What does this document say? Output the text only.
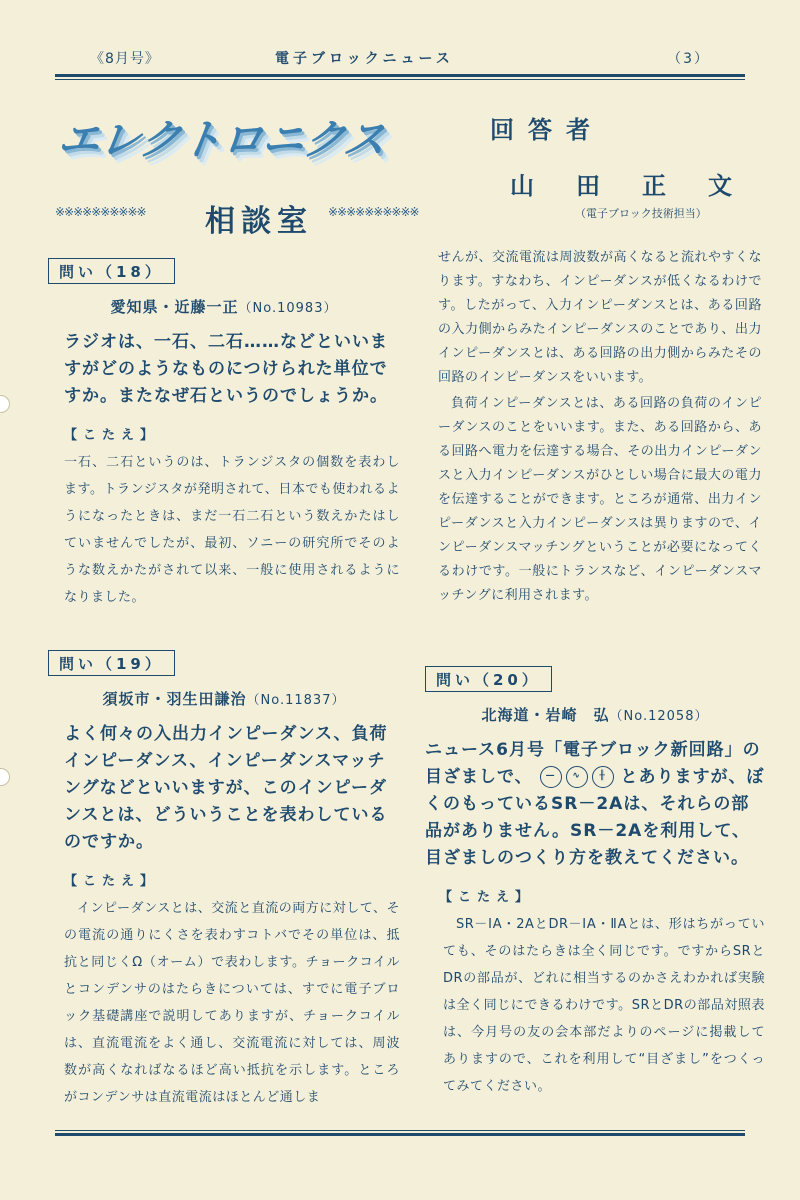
《8月号》	電子ブロックニュース	（3）
エレクトロニクス
※※※※※※※※※※	相談室 ※※※※※※※※※※
回答者
山田正文
（電子ブロック技術担当）
問い（18）
愛知県・近藤一正（No.10983）
ラジオは、一石、二石……などといいますがどのようなものにつけられた単位ですか。またなぜ石というのでしょうか。
【こたえ】
一石、二石というのは、トランジスタの個数を表わします。トランジスタが発明されて、日本でも使われるようになったときは、まだ一石二石という数えかたはしていませんでしたが、最初、ソニーの研究所でそのような数えかたがされて以来、一般に使用されるようになりました。
問い（19）
須坂市・羽生田謙治（No.11837）
よく何々の入出力インピーダンス、負荷インピーダンス、インピーダンスマッチングなどといいますが、このインピーダンスとは、どういうことを表わしているのですか。
【こたえ】
インピーダンスとは、交流と直流の両方に対して、その電流の通りにくさを表わすコトバでその単位は、抵抗と同じくΩ（オーム）で表わします。チョークコイルとコンデンサのはたらきについては、すでに電子ブロック基礎講座で説明してありますが、チョークコイルは、直流電流をよく通し、交流電流に対しては、周波数が高くなればなるほど高い抵抗を示します。ところがコンデンサは直流電流はほとんど通しま
せんが、交流電流は周波数が高くなると流れやすくなります。すなわち、インピーダンスが低くなるわけです。したがって、入力インピーダンスとは、ある回路の入力側からみたインピーダンスのことであり、出力インピーダンスとは、ある回路の出力側からみたその回路のインピーダンスをいいます。
負荷インピーダンスとは、ある回路の負荷のインピーダンスのことをいいます。また、ある回路から、ある回路へ電力を伝達する場合、その出力インピーダンスと入力インピーダンスがひとしい場合に最大の電力を伝達することができます。ところが通常、出力インピーダンスと入力インピーダンスは異りますので、インピーダンスマッチングということが必要になってくるわけです。一般にトランスなど、インピーダンスマッチングに利用されます。
問い（20）
北海道・岩崎　弘（No.12058）
ニュース6月号「電子ブロック新回路」の目ざましで、	—	∿	╫ とありますが、ぼくのもっているSR－2Aは、それらの部品がありません。SR－2Aを利用して、目ざましのつくり方を教えてください。
【こたえ】
SR－ⅠA・2AとDR－ⅠA・ⅡAとは、形はちがっていても、そのはたらきは全く同じです。ですからSRとDRの部品が、どれに相当するのかさえわかれば実験は全く同じにできるわけです。SRとDRの部品対照表は、今月号の友の会本部だよりのページに掲載してありますので、これを利用して“目ざまし”をつくってみてください。
